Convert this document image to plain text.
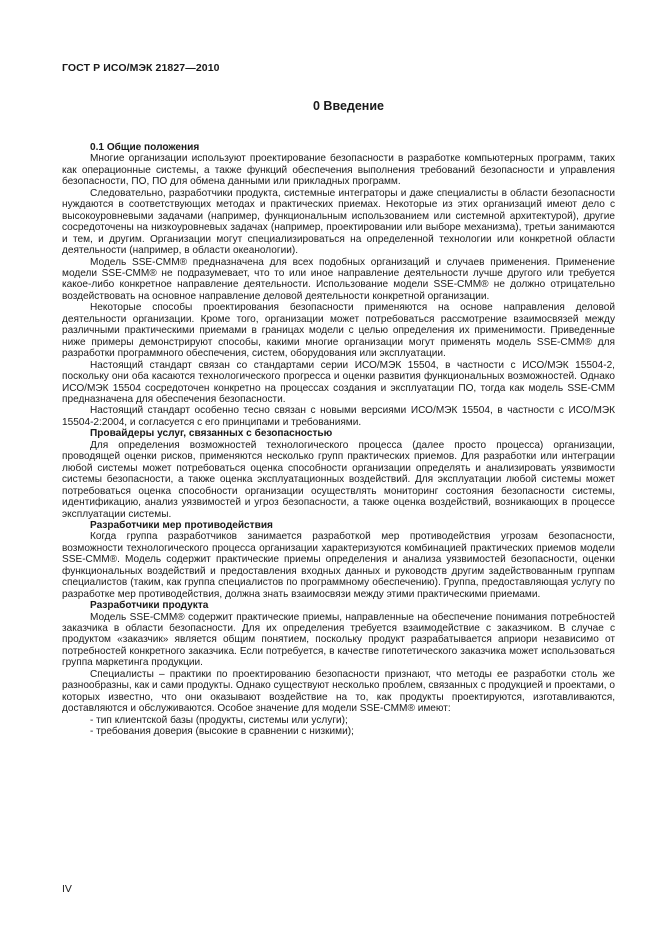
ГОСТ Р ИСО/МЭК 21827—2010
0 Введение
0.1 Общие положения

Многие организации используют проектирование безопасности в разработке компьютерных программ, таких как операционные системы, а также функций обеспечения выполнения требований безопасности и управления безопасности, ПО, ПО для обмена данными или прикладных программ.

Следовательно, разработчики продукта, системные интеграторы и даже специалисты в области безопасности нуждаются в соответствующих методах и практических приемах. Некоторые из этих организаций имеют дело с высокоуровневыми задачами (например, функциональным использованием или системной архитектурой), другие сосредоточены на низкоуровневых задачах (например, проектировании или выборе механизма), третьи занимаются и тем, и другим. Организации могут специализироваться на определенной технологии или конкретной области деятельности (например, в области океанологии).

Модель SSE-CMM® предназначена для всех подобных организаций и случаев применения. Применение модели SSE-CMM® не подразумевает, что то или иное направление деятельности лучше другого или требуется какое-либо конкретное направление деятельности. Использование модели SSE-CMM® не должно отрицательно воздействовать на основное направление деловой деятельности конкретной организации.

Некоторые способы проектирования безопасности применяются на основе направления деловой деятельности организации. Кроме того, организации может потребоваться рассмотрение взаимосвязей между различными практическими приемами в границах модели с целью определения их применимости. Приведенные ниже примеры демонстрируют способы, какими многие организации могут применять модель SSE-CMM® для разработки программного обеспечения, систем, оборудования или эксплуатации.

Настоящий стандарт связан со стандартами серии ИСО/МЭК 15504, в частности с ИСО/МЭК 15504-2, поскольку они оба касаются технологического прогресса и оценки развития функциональных возможностей. Однако ИСО/МЭК 15504 сосредоточен конкретно на процессах создания и эксплуатации ПО, тогда как модель SSE-CMM предназначена для обеспечения безопасности.

Настоящий стандарт особенно тесно связан с новыми версиями ИСО/МЭК 15504, в частности с ИСО/МЭК 15504-2:2004, и согласуется с его принципами и требованиями.

Провайдеры услуг, связанных с безопасностью

Для определения возможностей технологического процесса (далее просто процесса) организации, проводящей оценки рисков, применяются несколько групп практических приемов. Для разработки или интеграции любой системы может потребоваться оценка способности организации определять и анализировать уязвимости системы безопасности, а также оценка эксплуатационных воздействий. Для эксплуатации любой системы может потребоваться оценка способности организации осуществлять мониторинг состояния безопасности системы, идентификацию, анализ уязвимостей и угроз безопасности, а также оценка воздействий, возникающих в процессе эксплуатации системы.

Разработчики мер противодействия

Когда группа разработчиков занимается разработкой мер противодействия угрозам безопасности, возможности технологического процесса организации характеризуются комбинацией практических приемов модели SSE-CMM®. Модель содержит практические приемы определения и анализа уязвимостей безопасности, оценки функциональных воздействий и предоставления входных данных и руководств другим задействованным группам специалистов (таким, как группа специалистов по программному обеспечению). Группа, предоставляющая услугу по разработке мер противодействия, должна знать взаимосвязи между этими практическими приемами.

Разработчики продукта

Модель SSE-CMM® содержит практические приемы, направленные на обеспечение понимания потребностей заказчика в области безопасности. Для их определения требуется взаимодействие с заказчиком. В случае с продуктом «заказчик» является общим понятием, поскольку продукт разрабатывается априори независимо от потребностей конкретного заказчика. Если потребуется, в качестве гипотетического заказчика может использоваться группа маркетинга продукции.

Специалисты – практики по проектированию безопасности признают, что методы ее разработки столь же разнообразны, как и сами продукты. Однако существуют несколько проблем, связанных с продукцией и проектами, о которых известно, что они оказывают воздействие на то, как продукты проектируются, изготавливаются, доставляются и обслуживаются. Особое значение для модели SSE-CMM® имеют:

- тип клиентской базы (продукты, системы или услуги);
- требования доверия (высокие в сравнении с низкими);
IV
